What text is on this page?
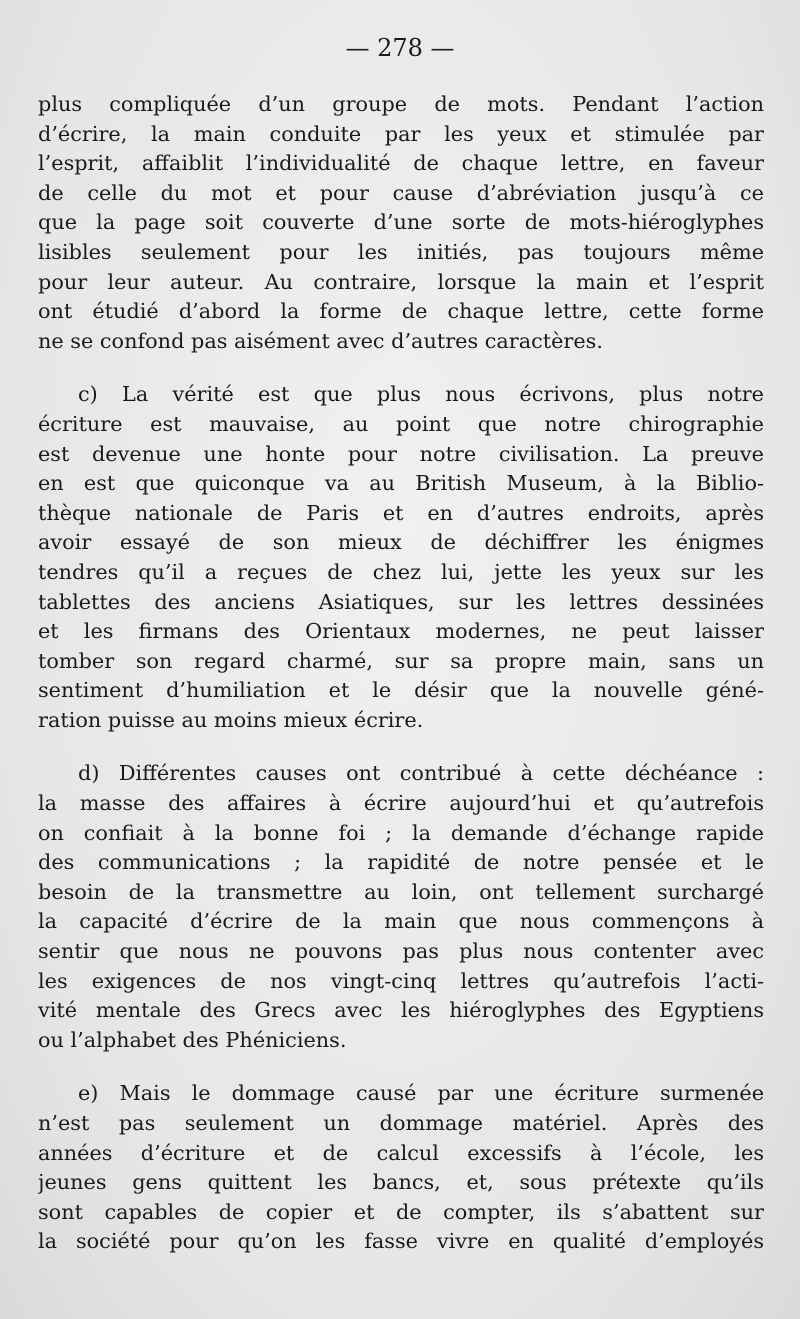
— 278 —
plus compliquée d’un groupe de mots. Pendant l’action
d’écrire, la main conduite par les yeux et stimulée par
l’esprit, affaiblit l’individualité de chaque lettre, en faveur
de celle du mot et pour cause d’abréviation jusqu’à ce
que la page soit couverte d’une sorte de mots-hiéroglyphes
lisibles seulement pour les initiés, pas toujours même
pour leur auteur. Au contraire, lorsque la main et l’esprit
ont étudié d’abord la forme de chaque lettre, cette forme
ne se confond pas aisément avec d’autres caractères.
c) La vérité est que plus nous écrivons, plus notre
écriture est mauvaise, au point que notre chirographie
est devenue une honte pour notre civilisation. La preuve
en est que quiconque va au British Museum, à la Biblio-
thèque nationale de Paris et en d’autres endroits, après
avoir essayé de son mieux de déchiffrer les énigmes
tendres qu’il a reçues de chez lui, jette les yeux sur les
tablettes des anciens Asiatiques, sur les lettres dessinées
et les firmans des Orientaux modernes, ne peut laisser
tomber son regard charmé, sur sa propre main, sans un
sentiment d’humiliation et le désir que la nouvelle géné-
ration puisse au moins mieux écrire.
d) Différentes causes ont contribué à cette déchéance :
la masse des affaires à écrire aujourd’hui et qu’autrefois
on confiait à la bonne foi ; la demande d’échange rapide
des communications ; la rapidité de notre pensée et le
besoin de la transmettre au loin, ont tellement surchargé
la capacité d’écrire de la main que nous commençons à
sentir que nous ne pouvons pas plus nous contenter avec
les exigences de nos vingt-cinq lettres qu’autrefois l’acti-
vité mentale des Grecs avec les hiéroglyphes des Egyptiens
ou l’alphabet des Phéniciens.
e) Mais le dommage causé par une écriture surmenée
n’est pas seulement un dommage matériel. Après des
années d’écriture et de calcul excessifs à l’école, les
jeunes gens quittent les bancs, et, sous prétexte qu’ils
sont capables de copier et de compter, ils s’abattent sur
la société pour qu’on les fasse vivre en qualité d’employés
